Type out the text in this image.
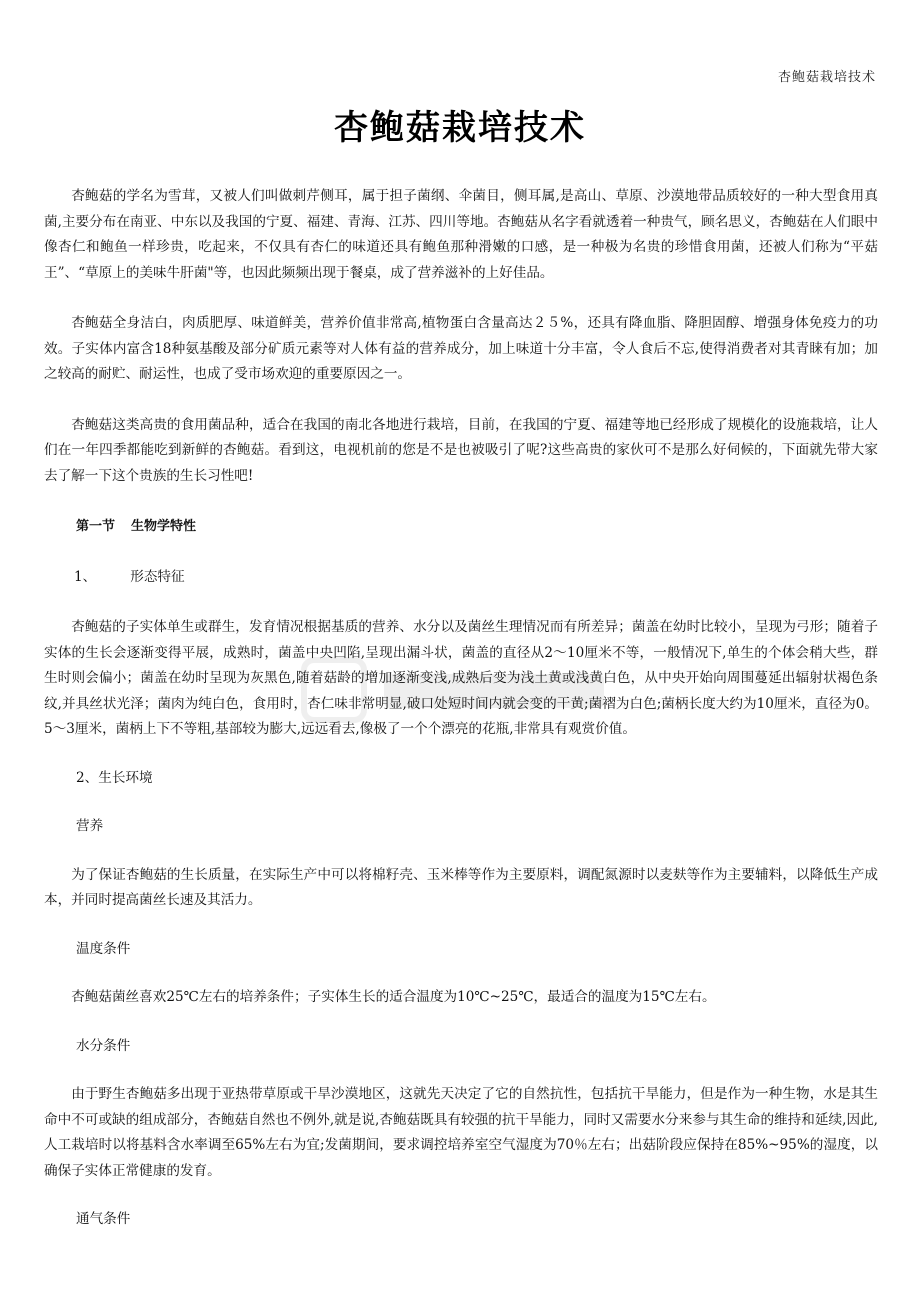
杏鲍菇栽培技术
杏鲍菇栽培技术

杏鲍菇的学名为雪茸，又被人们叫做刺芹侧耳，属于担子菌纲、伞菌目，侧耳属,是高山、草原、沙漠地带品质较好的一种大型食用真菌,主要分布在南亚、中东以及我国的宁夏、福建、青海、江苏、四川等地。杏鲍菇从名字看就透着一种贵气，顾名思义，杏鲍菇在人们眼中像杏仁和鲍鱼一样珍贵，吃起来，不仅具有杏仁的味道还具有鲍鱼那种滑嫩的口感，是一种极为名贵的珍惜食用菌，还被人们称为“平菇王”、“草原上的美味牛肝菌"等，也因此频频出现于餐桌，成了营养滋补的上好佳品。

杏鲍菇全身洁白，肉质肥厚、味道鲜美，营养价值非常高,植物蛋白含量高达２５%，还具有降血脂、降胆固醇、增强身体免疫力的功效。子实体内富含18种氨基酸及部分矿质元素等对人体有益的营养成分，加上味道十分丰富，令人食后不忘,使得消费者对其青睐有加；加之较高的耐贮、耐运性，也成了受市场欢迎的重要原因之一。

杏鲍菇这类高贵的食用菌品种，适合在我国的南北各地进行栽培，目前，在我国的宁夏、福建等地已经形成了规模化的设施栽培，让人们在一年四季都能吃到新鲜的杏鲍菇。看到这，电视机前的您是不是也被吸引了呢?这些高贵的家伙可不是那么好伺候的，下面就先带大家去了解一下这个贵族的生长习性吧!

第一节 生物学特性

1、	形态特征

杏鲍菇的子实体单生或群生，发育情况根据基质的营养、水分以及菌丝生理情况而有所差异；菌盖在幼时比较小，呈现为弓形；随着子实体的生长会逐渐变得平展，成熟时，菌盖中央凹陷,呈现出漏斗状，菌盖的直径从2～10厘米不等，一般情况下,单生的个体会稍大些，群生时则会偏小；菌盖在幼时呈现为灰黑色,随着菇龄的增加逐渐变浅,成熟后变为浅土黄或浅黄白色，从中央开始向周围蔓延出辐射状褐色条纹,并具丝状光泽；菌肉为纯白色，食用时，杏仁味非常明显,破口处短时间内就会变的干黄;菌褶为白色;菌柄长度大约为10厘米，直径为0。5～3厘米，菌柄上下不等粗,基部较为膨大,远远看去,像极了一个个漂亮的花瓶,非常具有观赏价值。

2、生长环境

营养

为了保证杏鲍菇的生长质量，在实际生产中可以将棉籽壳、玉米棒等作为主要原料，调配氮源时以麦麸等作为主要辅料，以降低生产成本，并同时提高菌丝长速及其活力。

温度条件

杏鲍菇菌丝喜欢25℃左右的培养条件；子实体生长的适合温度为10℃~25℃，最适合的温度为15℃左右。

水分条件

由于野生杏鲍菇多出现于亚热带草原或干旱沙漠地区，这就先天决定了它的自然抗性，包括抗干旱能力，但是作为一种生物，水是其生命中不可或缺的组成部分，杏鲍菇自然也不例外,就是说,杏鲍菇既具有较强的抗干旱能力，同时又需要水分来参与其生命的维持和延续,因此,人工栽培时以将基料含水率调至65%左右为宜;发菌期间，要求调控培养室空气湿度为70％左右；出菇阶段应保持在85%~95%的湿度，以确保子实体正常健康的发育。

通气条件
